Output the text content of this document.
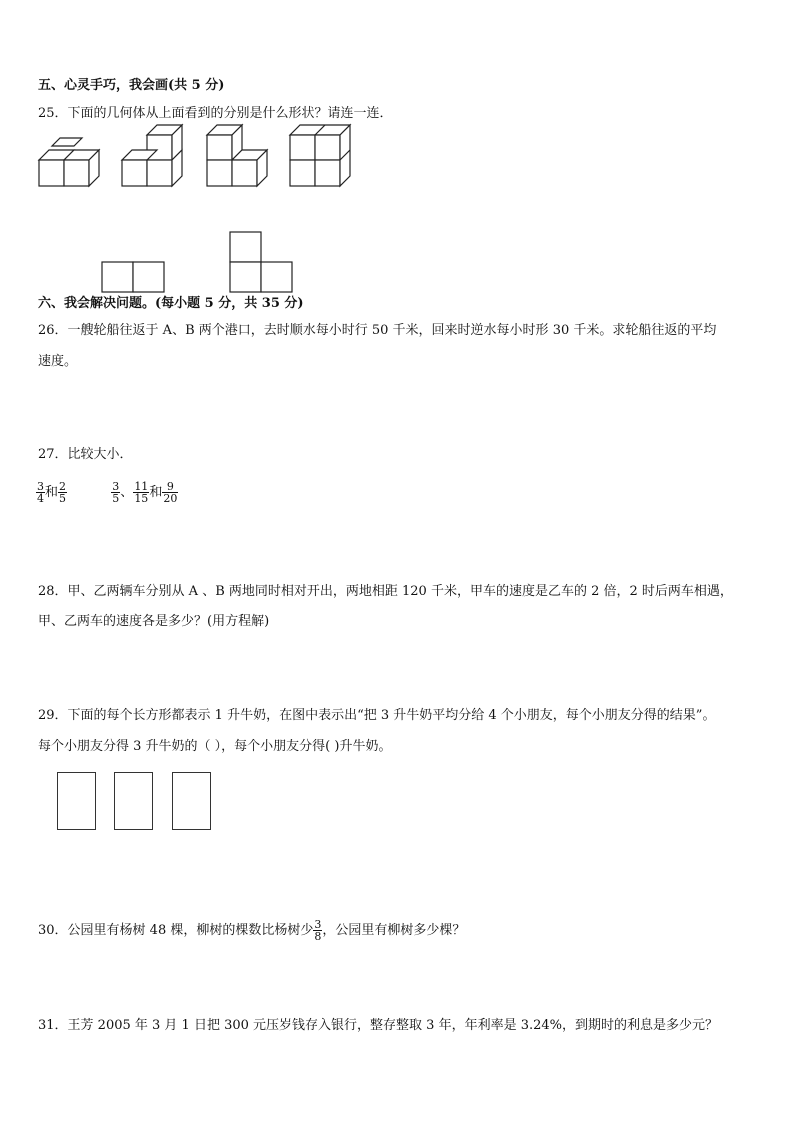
五、心灵手巧，我会画(共 5 分)
25．下面的几何体从上面看到的分别是什么形状？请连一连．
六、我会解决问题。(每小题 5 分，共 35 分)
26．一艘轮船往返于 A、B 两个港口，去时顺水每小时行 50 千米，回来时逆水每小时形 30 千米。求轮船往返的平均
速度。
27．比较大小．
$\frac{3}{4}$ 和 $\frac{2}{5}$
	$\frac{3}{5}$ 、 $\frac{11}{15}$ 和 $\frac{9}{20}$
28．甲、乙两辆车分别从 A 、B 两地同时相对开出，两地相距 120 千米，甲车的速度是乙车的 2 倍，2 时后两车相遇，
甲、乙两车的速度各是多少？(用方程解)
29．下面的每个长方形都表示 1 升牛奶，在图中表示出“把 3 升牛奶平均分给 4 个小朋友，每个小朋友分得的结果”。
每个小朋友分得 3 升牛奶的（ ），每个小朋友分得( )升牛奶。
30．公园里有杨树 48 棵，柳树的棵数比杨树少 $\frac{3}{8}$ ，公园里有柳树多少棵？
31．王芳 2005 年 3 月 1 日把 300 元压岁钱存入银行，整存整取 3 年，年利率是 3.24%，到期时的利息是多少元？
